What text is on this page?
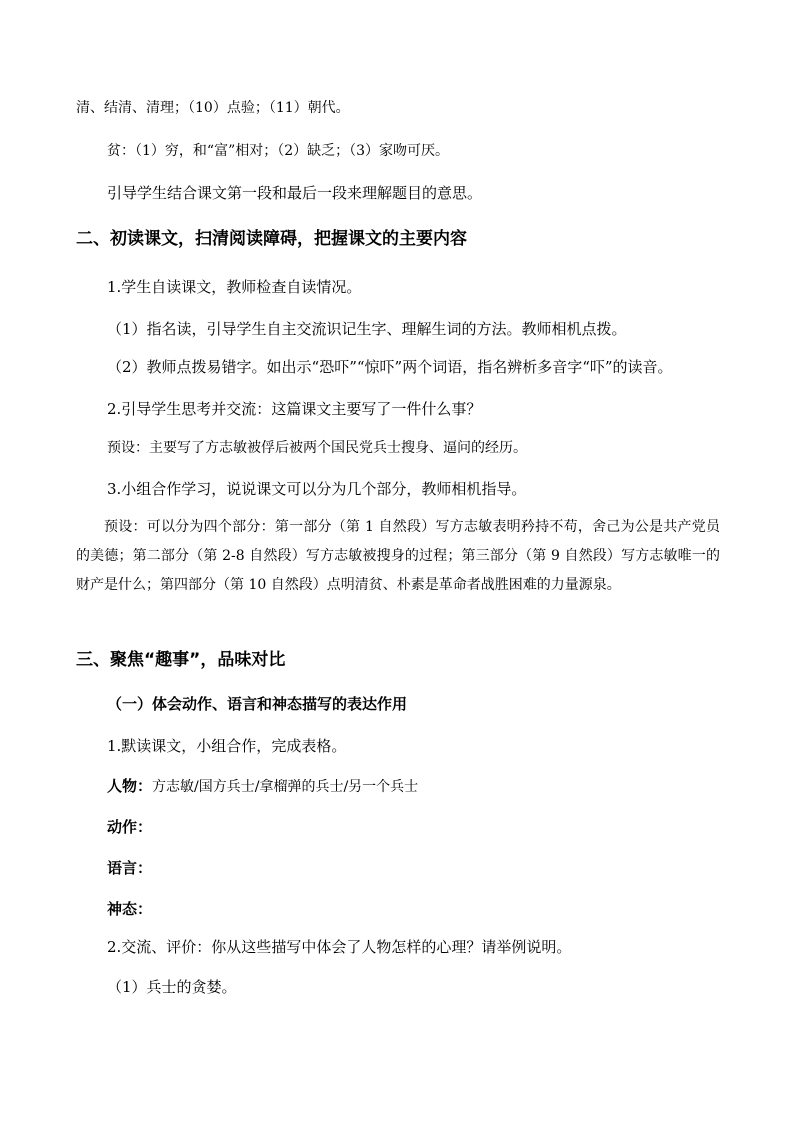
清、结清、清理；（10）点验；（11）朝代。
贫：（1）穷，和“富”相对；（2）缺乏；（3）家吻可厌。
引导学生结合课文第一段和最后一段来理解题目的意思。
二、初读课文，扫清阅读障碍，把握课文的主要内容
1.学生自读课文，教师检查自读情况。
（1）指名读，引导学生自主交流识记生字、理解生词的方法。教师相机点拨。
（2）教师点拨易错字。如出示“恐吓”“惊吓”两个词语，指名辨析多音字“吓”的读音。
2.引导学生思考并交流：这篇课文主要写了一件什么事？
预设：主要写了方志敏被俘后被两个国民党兵士搜身、逼问的经历。
3.小组合作学习，说说课文可以分为几个部分，教师相机指导。
预设：可以分为四个部分：第一部分（第 1 自然段）写方志敏表明矜持不苟，舍己为公是共产党员的美德；第二部分（第 2-8 自然段）写方志敏被搜身的过程；第三部分（第 9 自然段）写方志敏唯一的财产是什么；第四部分（第 10 自然段）点明清贫、朴素是革命者战胜困难的力量源泉。
三、聚焦“趣事”，品味对比
（一）体会动作、语言和神态描写的表达作用
1.默读课文，小组合作，完成表格。
人物：方志敏/国方兵士/拿榴弹的兵士/另一个兵士
动作：
语言：
神态：
2.交流、评价：你从这些描写中体会了人物怎样的心理？请举例说明。
（1）兵士的贪婪。
